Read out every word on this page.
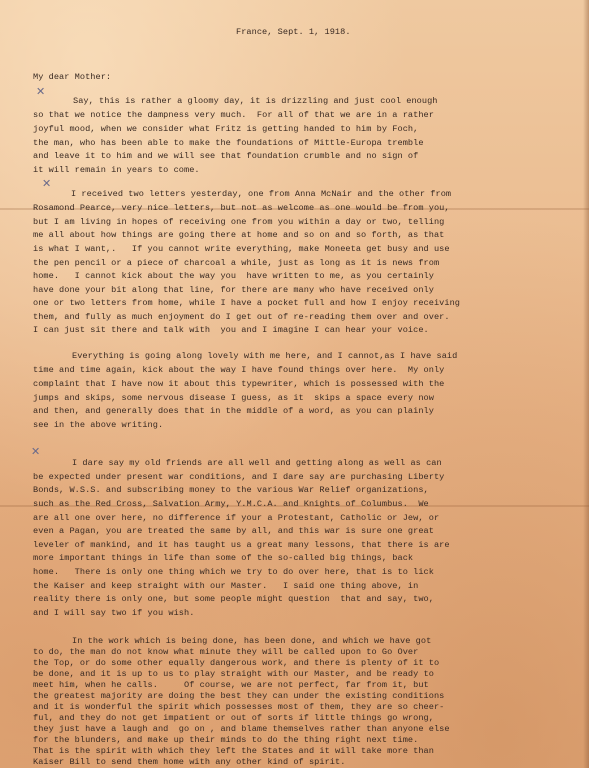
France, Sept. 1, 1918.

My dear Mother:

✕

Say, this is rather a gloomy day, it is drizzling and just cool enough

so that we notice the dampness very much.  For all of that we are in a rather

joyful mood, when we consider what Fritz is getting handed to him by Foch,

the man, who has been able to make the foundations of Mittle-Europa tremble

and leave it to him and we will see that foundation crumble and no sign of

it will remain in years to come.

✕

I received two letters yesterday, one from Anna McNair and the other from

Rosamond Pearce, very nice letters, but not as welcome as one would be from you,

but I am living in hopes of receiving one from you within a day or two, telling

me all about how things are going there at home and so on and so forth, as that

is what I want,.   If you cannot write everything, make Moneeta get busy and use

the pen pencil or a piece of charcoal a while, just as long as it is news from

home.   I cannot kick about the way you  have written to me, as you certainly

have done your bit along that line, for there are many who have received only

one or two letters from home, while I have a pocket full and how I enjoy receiving

them, and fully as much enjoyment do I get out of re-reading them over and over.

I can just sit there and talk with  you and I imagine I can hear your voice.

Everything is going along lovely with me here, and I cannot,as I have said

time and time again, kick about the way I have found things over here.  My only

complaint that I have now it about this typewriter, which is possessed with the

jumps and skips, some nervous disease I guess, as it  skips a space every now

and then, and generally does that in the middle of a word, as you can plainly

see in the above writing.

✕

I dare say my old friends are all well and getting along as well as can

be expected under present war conditions, and I dare say are purchasing Liberty

Bonds, W.S.S. and subscribing money to the various War Relief organizations,

such as the Red Cross, Salvation Army, Y.M.C.A. and Knights of Columbus.  We

are all one over here, no difference if your a Protestant, Catholic or Jew, or

even a Pagan, you are treated the same by all, and this war is sure one great

leveler of mankind, and it has taught us a great many lessons, that there is are

more important things in life than some of the so-called big things, back

home.   There is only one thing which we try to do over here, that is to lick

the Kaiser and keep straight with our Master.   I said one thing above, in

reality there is only one, but some people might question  that and say, two,

and I will say two if you wish.

In the work which is being done, has been done, and which we have got

to do, the man do not know what minute they will be called upon to Go Over

the Top, or do some other equally dangerous work, and there is plenty of it to

be done, and it is up to us to play straight with our Master, and be ready to

meet him, when he calls.     Of course, we are not perfect, far from it, but

the greatest majority are doing the best they can under the existing conditions

and it is wonderful the spirit which possesses most of them, they are so cheer-

ful, and they do not get impatient or out of sorts if little things go wrong,

they just have a laugh and  go on , and blame themselves rather than anyone else

for the blunders, and make up their minds to do the thing right next time.

That is the spirit with which they left the States and it will take more than

Kaiser Bill to send them home with any other kind of spirit.
